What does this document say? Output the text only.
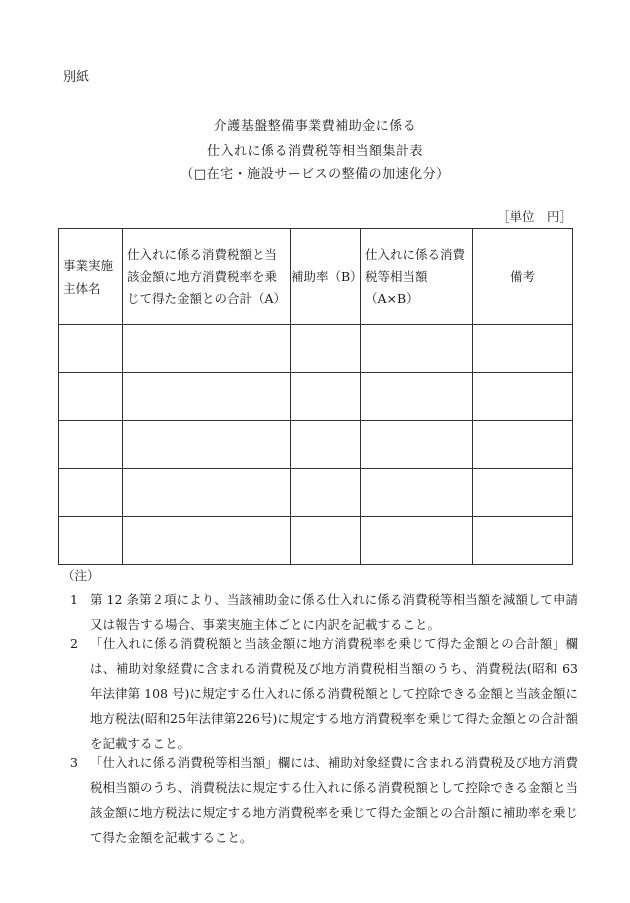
別紙
介護基盤整備事業費補助金に係る
仕入れに係る消費税等相当額集計表
（□在宅・施設サービスの整備の加速化分）
［単位　円］
事業実施主体名	仕入れに係る消費税額と当該金額に地方消費税率を乗じて得た金額との合計（A）	補助率（B）	仕入れに係る消費税等相当額（A×B）	備考

（注）
1 第 12 条第２項により、当該補助金に係る仕入れに係る消費税等相当額を減額して申請又は報告する場合、事業実施主体ごとに内訳を記載すること。
2 「仕入れに係る消費税額と当該金額に地方消費税率を乗じて得た金額との合計額」欄は、補助対象経費に含まれる消費税及び地方消費税相当額のうち、消費税法(昭和 63 年法律第 108 号)に規定する仕入れに係る消費税額として控除できる金額と当該金額に地方税法(昭和25年法律第226号)に規定する地方消費税率を乗じて得た金額との合計額を記載すること。
3 「仕入れに係る消費税等相当額」欄には、補助対象経費に含まれる消費税及び地方消費税相当額のうち、消費税法に規定する仕入れに係る消費税額として控除できる金額と当該金額に地方税法に規定する地方消費税率を乗じて得た金額との合計額に補助率を乗じて得た金額を記載すること。
